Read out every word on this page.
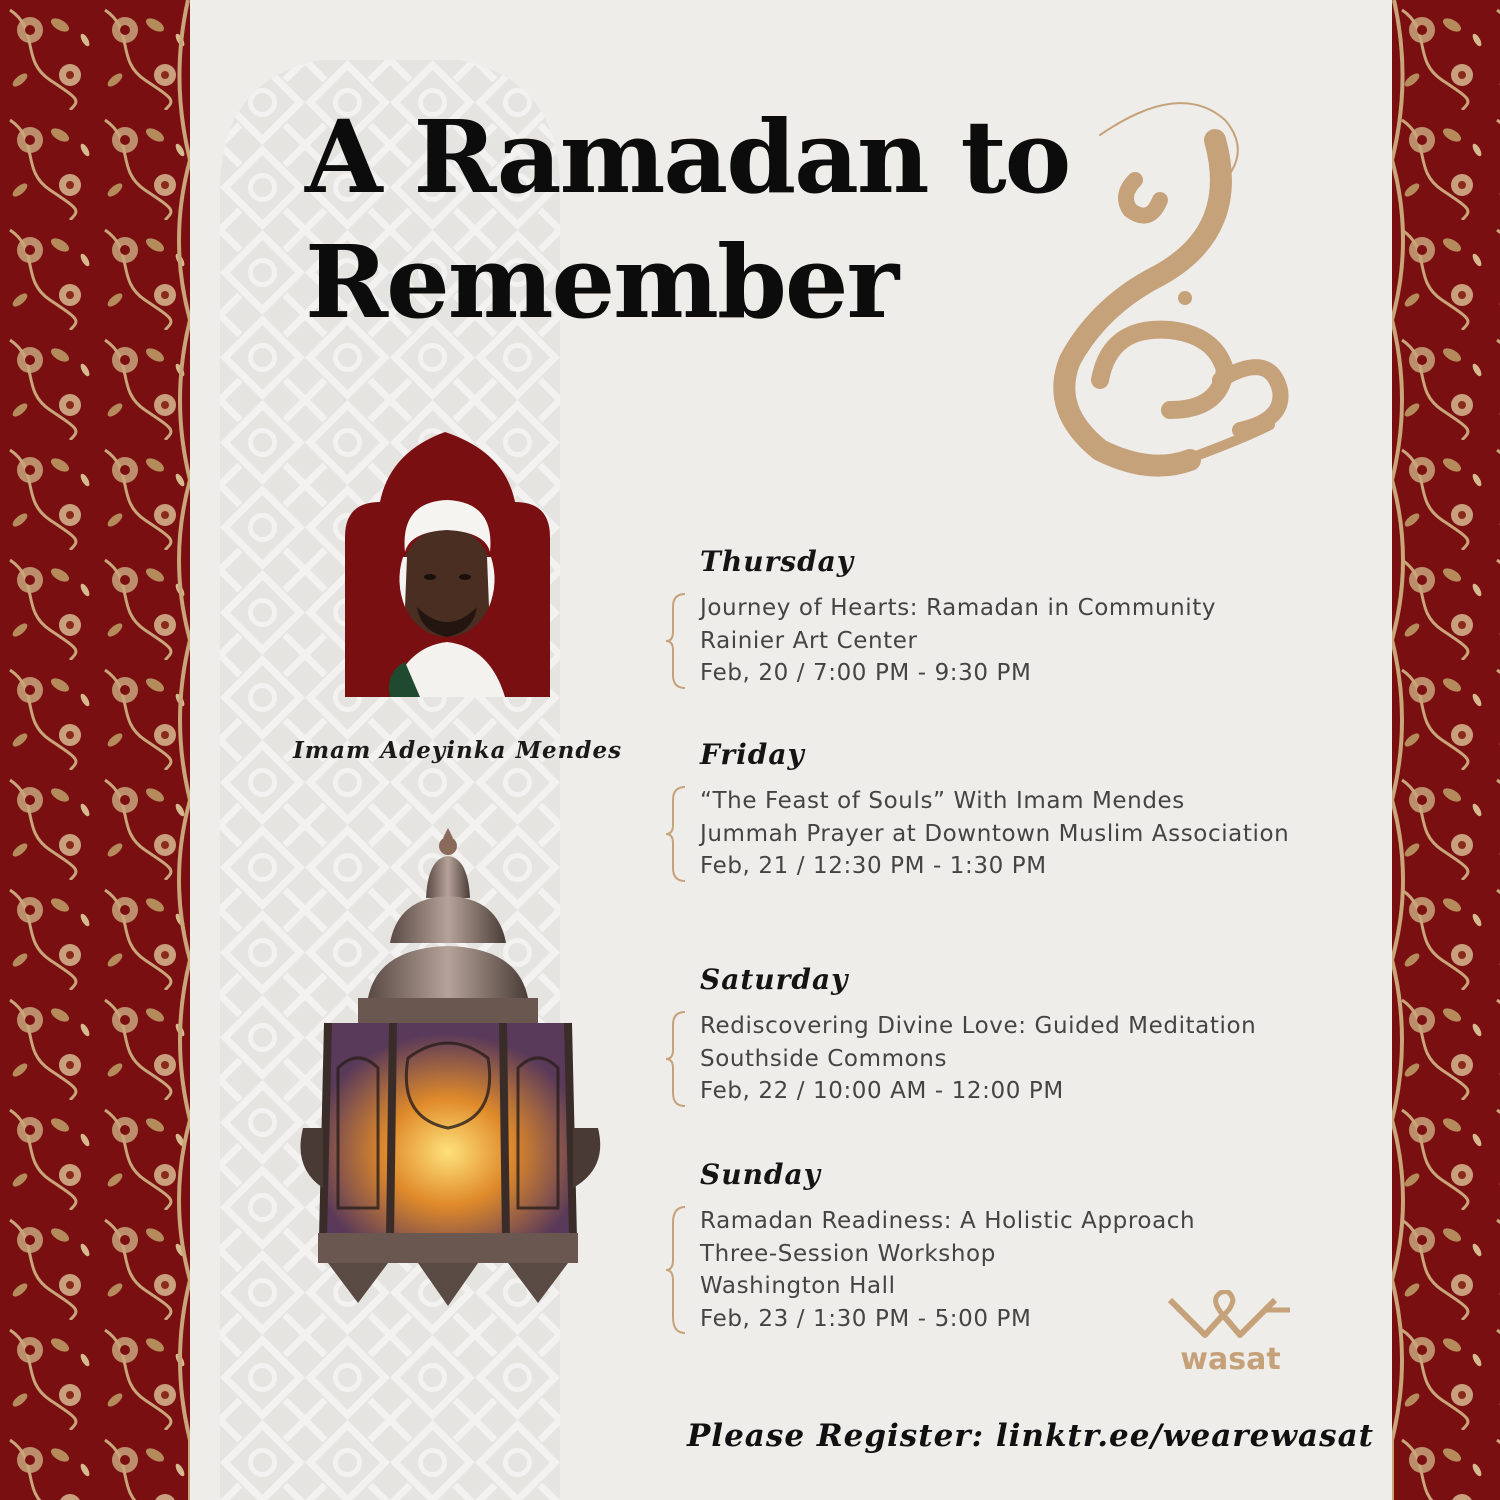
A Ramadan to
Remember
Imam Adeyinka Mendes
Thursday
Journey of Hearts: Ramadan in Community
Rainier Art Center
Feb, 20 / 7:00 PM - 9:30 PM
Friday
“The Feast of Souls” With Imam Mendes
Jummah Prayer at Downtown Muslim Association
Feb, 21 / 12:30 PM - 1:30 PM
Saturday
Rediscovering Divine Love: Guided Meditation
Southside Commons
Feb, 22 / 10:00 AM - 12:00 PM
Sunday
Ramadan Readiness: A Holistic Approach
Three-Session Workshop
Washington Hall
Feb, 23 / 1:30 PM - 5:00 PM
wasat
Please Register: linktr.ee/wearewasat
